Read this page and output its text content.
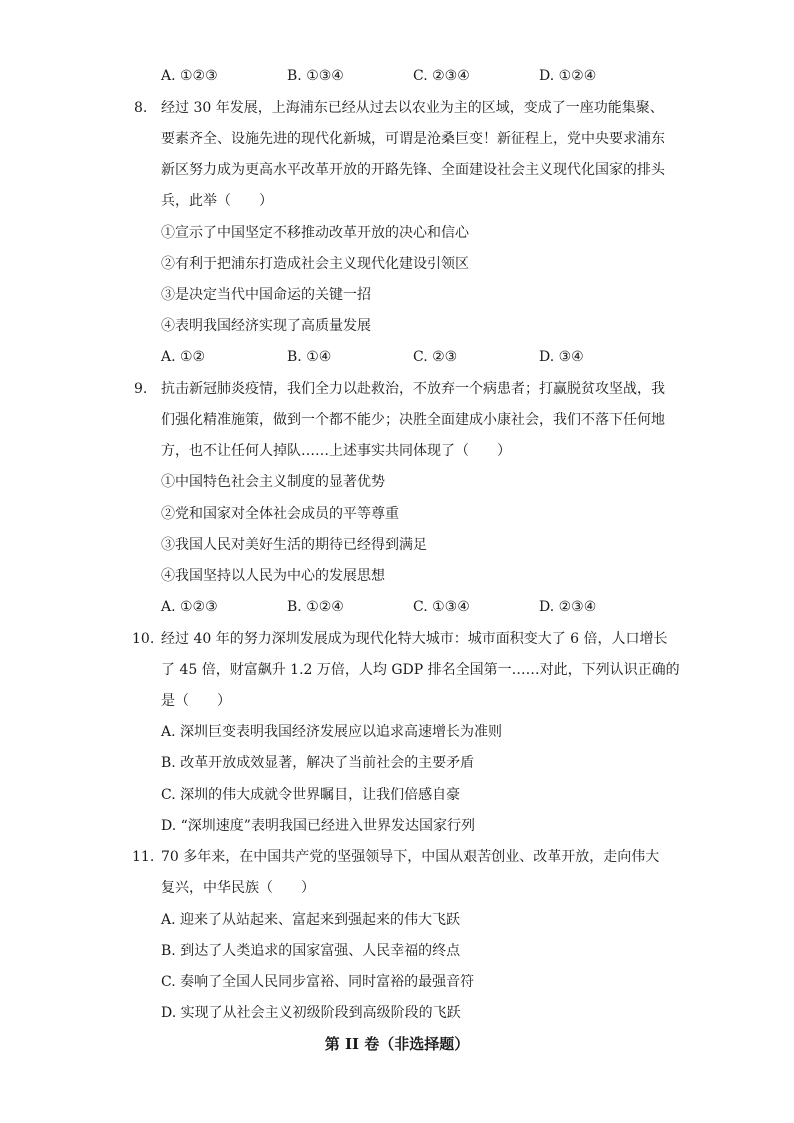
A. ①②③	B. ①③④	C. ②③④	D. ①②④
8. 经过 30 年发展，上海浦东已经从过去以农业为主的区域，变成了一座功能集聚、
要素齐全、设施先进的现代化新城，可谓是沧桑巨变！新征程上，党中央要求浦东
新区努力成为更高水平改革开放的开路先锋、全面建设社会主义现代化国家的排头
兵，此举（　　）
①宣示了中国坚定不移推动改革开放的决心和信心
②有利于把浦东打造成社会主义现代化建设引领区
③是决定当代中国命运的关键一招
④表明我国经济实现了高质量发展
A. ①②	B. ①④	C. ②③	D. ③④
9. 抗击新冠肺炎疫情，我们全力以赴救治，不放弃一个病患者；打赢脱贫攻坚战，我
们强化精准施策，做到一个都不能少；决胜全面建成小康社会，我们不落下任何地
方，也不让任何人掉队……上述事实共同体现了（　　）
①中国特色社会主义制度的显著优势
②党和国家对全体社会成员的平等尊重
③我国人民对美好生活的期待已经得到满足
④我国坚持以人民为中心的发展思想
A. ①②③	B. ①②④	C. ①③④	D. ②③④
10. 经过 40 年的努力深圳发展成为现代化特大城市：城市面积变大了 6 倍，人口增长
了 45 倍，财富飙升 1.2 万倍，人均 GDP 排名全国第一……对此，下列认识正确的
是（　　）
A. 深圳巨变表明我国经济发展应以追求高速增长为准则
B. 改革开放成效显著，解决了当前社会的主要矛盾
C. 深圳的伟大成就令世界瞩目，让我们倍感自豪
D. “深圳速度”表明我国已经进入世界发达国家行列
11. 70 多年来，在中国共产党的坚强领导下，中国从艰苦创业、改革开放，走向伟大
复兴，中华民族（　　）
A. 迎来了从站起来、富起来到强起来的伟大飞跃
B. 到达了人类追求的国家富强、人民幸福的终点
C. 奏响了全国人民同步富裕、同时富裕的最强音符
D. 实现了从社会主义初级阶段到高级阶段的飞跃
第 II 卷（非选择题）
